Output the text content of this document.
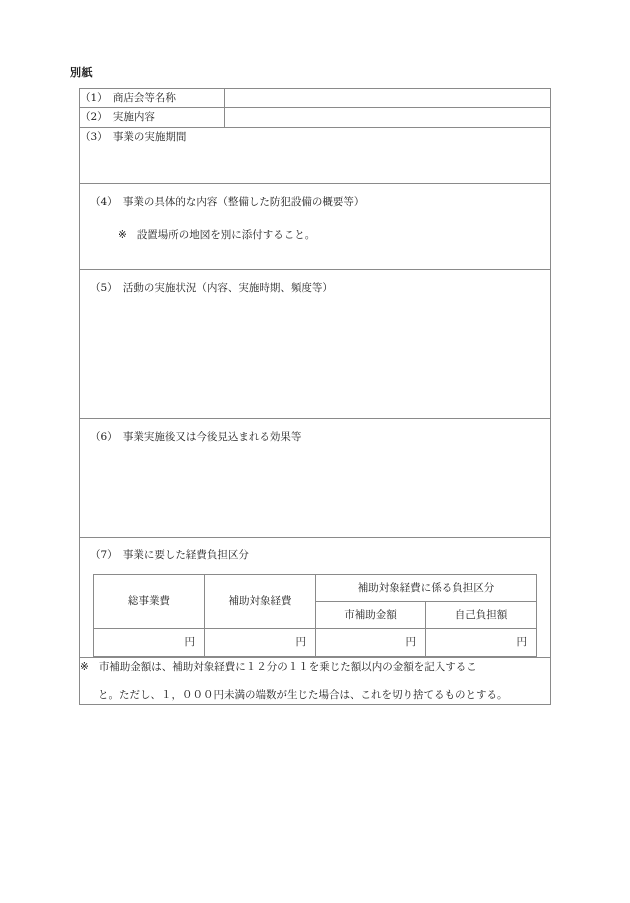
別紙
（1）　商店会等名称	
（2）　実施内容	
（3）　事業の実施期間

（4）　事業の具体的な内容（整備した防犯設備の概要等）
※ 設置場所の地図を別に添付すること。

（5）　活動の実施状況（内容、実施時期、頻度等）

（6）　事業実施後又は今後見込まれる効果等

（7）　事業に要した経費負担区分
総事業費	補助対象経費	補助対象経費に係る負担区分
市補助金額	自己負担額
円	円	円	円

※ 市補助金額は、補助対象経費に１２分の１１を乗じた額以内の金額を記入するこ
と。ただし、１，０００円未満の端数が生じた場合は、これを切り捨てるものとする。
